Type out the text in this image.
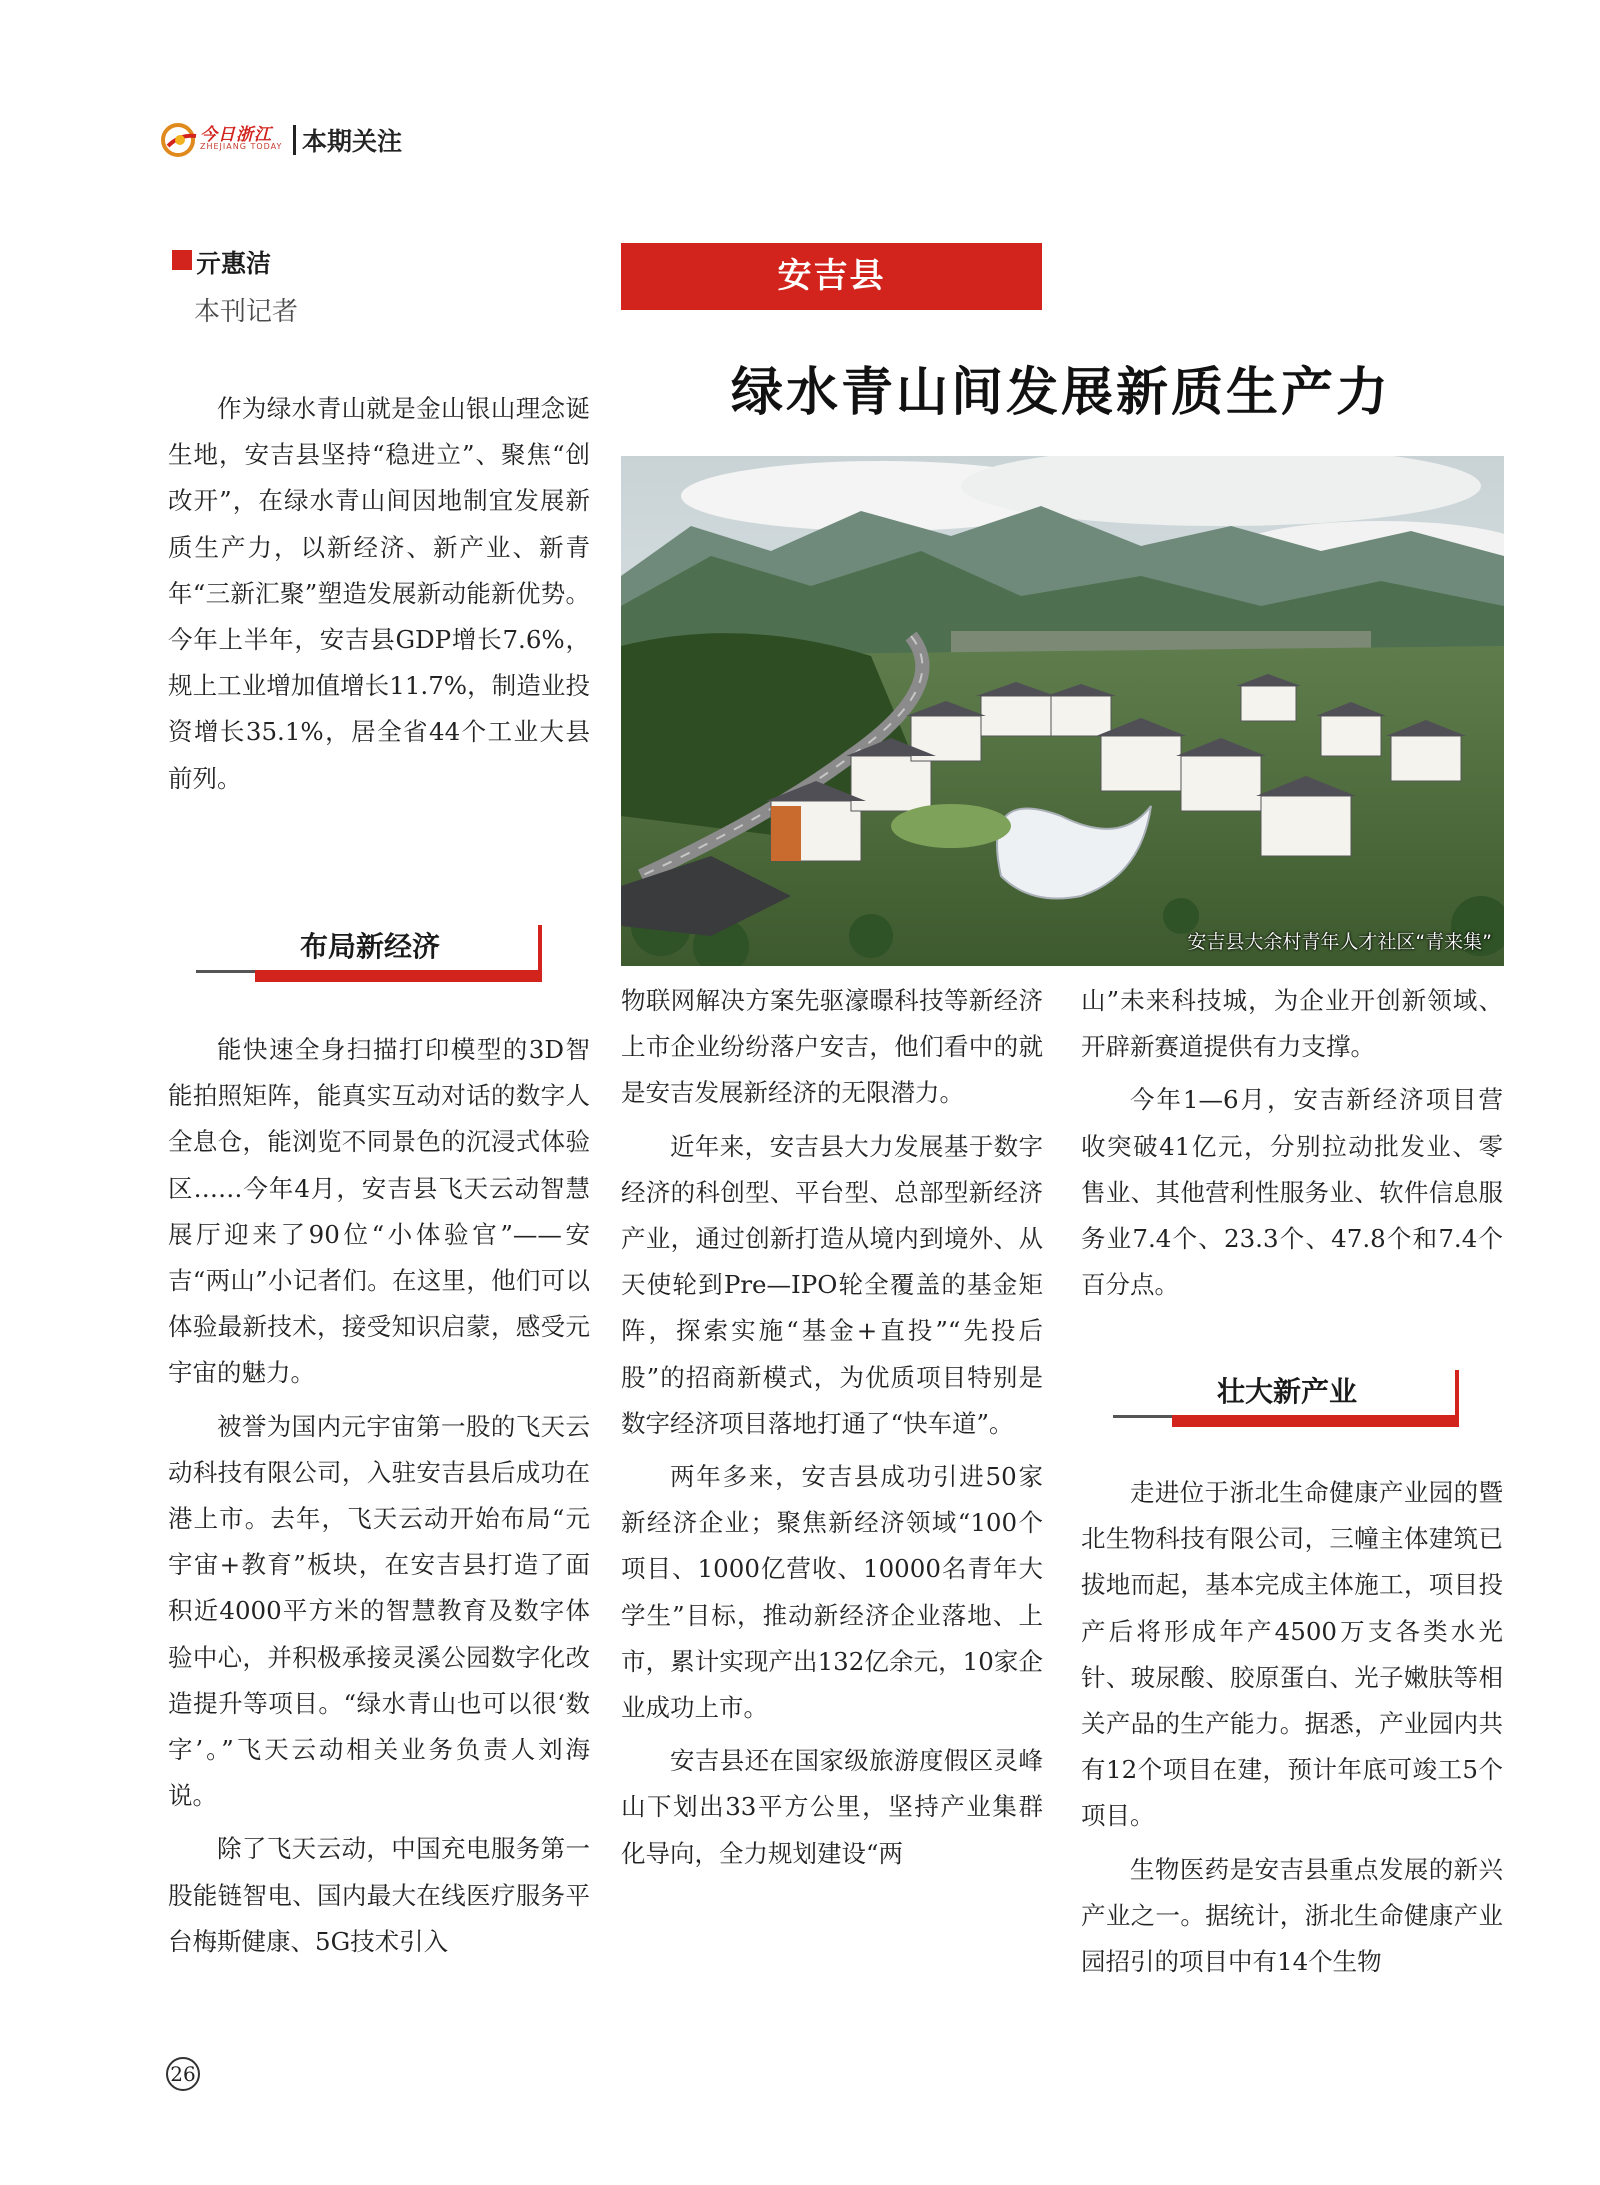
今日浙江
ZHEJIANG TODAY 本期关注
亓惠洁
本刊记者
安吉县
绿水青山间发展新质生产力
安吉县大余村青年人才社区“青来集”

作为绿水青山就是金山银山理念诞生地，安吉县坚持“稳进立”、聚焦“创改开”，在绿水青山间因地制宜发展新质生产力，以新经济、新产业、新青年“三新汇聚”塑造发展新动能新优势。今年上半年，安吉县GDP增长7.6%，规上工业增加值增长11.7%，制造业投资增长35.1%，居全省44个工业大县前列。

布局新经济

能快速全身扫描打印模型的3D智能拍照矩阵，能真实互动对话的数字人全息仓，能浏览不同景色的沉浸式体验区……今年4月，安吉县飞天云动智慧展厅迎来了90位“小体验官”——安吉“两山”小记者们。在这里，他们可以体验最新技术，接受知识启蒙，感受元宇宙的魅力。

被誉为国内元宇宙第一股的飞天云动科技有限公司，入驻安吉县后成功在港上市。去年，飞天云动开始布局“元宇宙+教育”板块，在安吉县打造了面积近4000平方米的智慧教育及数字体验中心，并积极承接灵溪公园数字化改造提升等项目。“绿水青山也可以很‘数字’。”飞天云动相关业务负责人刘海说。

除了飞天云动，中国充电服务第一股能链智电、国内最大在线医疗服务平台梅斯健康、5G技术引入

物联网解决方案先驱濠暻科技等新经济上市企业纷纷落户安吉，他们看中的就是安吉发展新经济的无限潜力。

近年来，安吉县大力发展基于数字经济的科创型、平台型、总部型新经济产业，通过创新打造从境内到境外、从天使轮到Pre—IPO轮全覆盖的基金矩阵，探索实施“基金+直投”“先投后股”的招商新模式，为优质项目特别是数字经济项目落地打通了“快车道”。

两年多来，安吉县成功引进50家新经济企业；聚焦新经济领域“100个项目、1000亿营收、10000名青年大学生”目标，推动新经济企业落地、上市，累计实现产出132亿余元，10家企业成功上市。

安吉县还在国家级旅游度假区灵峰山下划出33平方公里，坚持产业集群化导向，全力规划建设“两

山”未来科技城，为企业开创新领域、开辟新赛道提供有力支撑。

今年1—6月，安吉新经济项目营收突破41亿元，分别拉动批发业、零售业、其他营利性服务业、软件信息服务业7.4个、23.3个、47.8个和7.4个百分点。

壮大新产业

走进位于浙北生命健康产业园的暨北生物科技有限公司，三幢主体建筑已拔地而起，基本完成主体施工，项目投产后将形成年产4500万支各类水光针、玻尿酸、胶原蛋白、光子嫩肤等相关产品的生产能力。据悉，产业园内共有12个项目在建，预计年底可竣工5个项目。

生物医药是安吉县重点发展的新兴产业之一。据统计，浙北生命健康产业园招引的项目中有14个生物

26
